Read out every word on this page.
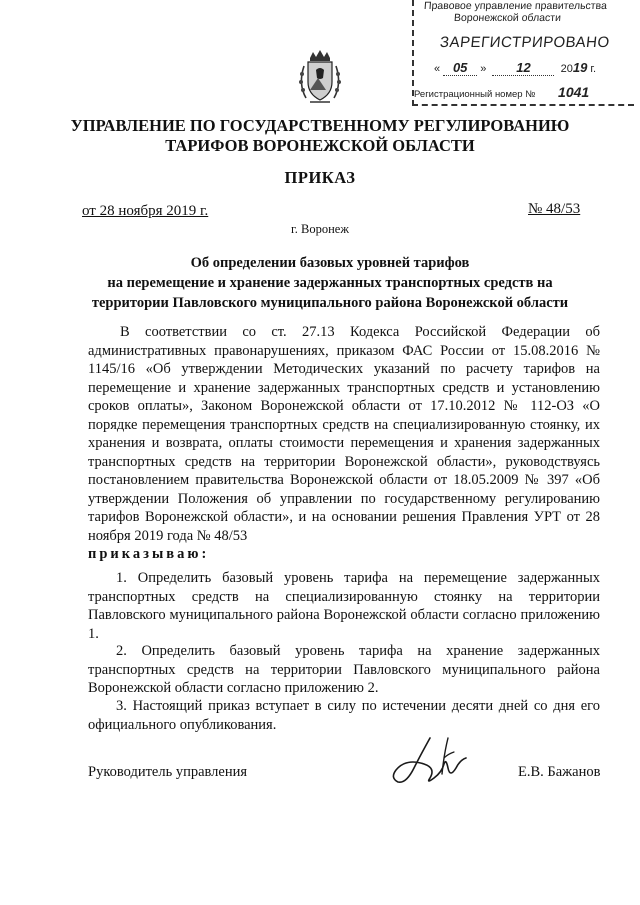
Правовое управление правительства
Воронежской области
ЗАРЕГИСТРИРОВАНО
« 05 »  12	2019 г.
Регистрационный номер № 1041
УПРАВЛЕНИЕ ПО ГОСУДАРСТВЕННОМУ РЕГУЛИРОВАНИЮ
ТАРИФОВ ВОРОНЕЖСКОЙ ОБЛАСТИ
ПРИКАЗ
от 28 ноября 2019 г.	№ 48/53
г. Воронеж
Об определении базовых уровней тарифов
на перемещение и хранение задержанных транспортных средств на
территории Павловского муниципального района Воронежской области
В соответствии со ст. 27.13 Кодекса Российской Федерации об административных правонарушениях, приказом ФАС России от 15.08.2016 № 1145/16 «Об утверждении Методических указаний по расчету тарифов на перемещение и хранение задержанных транспортных средств и установлению сроков оплаты», Законом Воронежской области от 17.10.2012 № 112-ОЗ «О порядке перемещения транспортных средств на специализированную стоянку, их хранения и возврата, оплаты стоимости перемещения и хранения задержанных транспортных средств на территории Воронежской области», руководствуясь постановлением правительства Воронежской области от 18.05.2009 № 397 «Об утверждении Положения об управлении по государственному регулированию тарифов Воронежской области», и на основании решения Правления УРТ от 28 ноября 2019 года № 48/53
приказываю:
1. Определить базовый уровень тарифа на перемещение задержанных транспортных средств на специализированную стоянку на территории Павловского муниципального района Воронежской области согласно приложению 1.
2. Определить базовый уровень тарифа на хранение задержанных транспортных средств на территории Павловского муниципального района Воронежской области согласно приложению 2.
3. Настоящий приказ вступает в силу по истечении десяти дней со дня его официального опубликования.
Руководитель управления	Е.В. Бажанов
